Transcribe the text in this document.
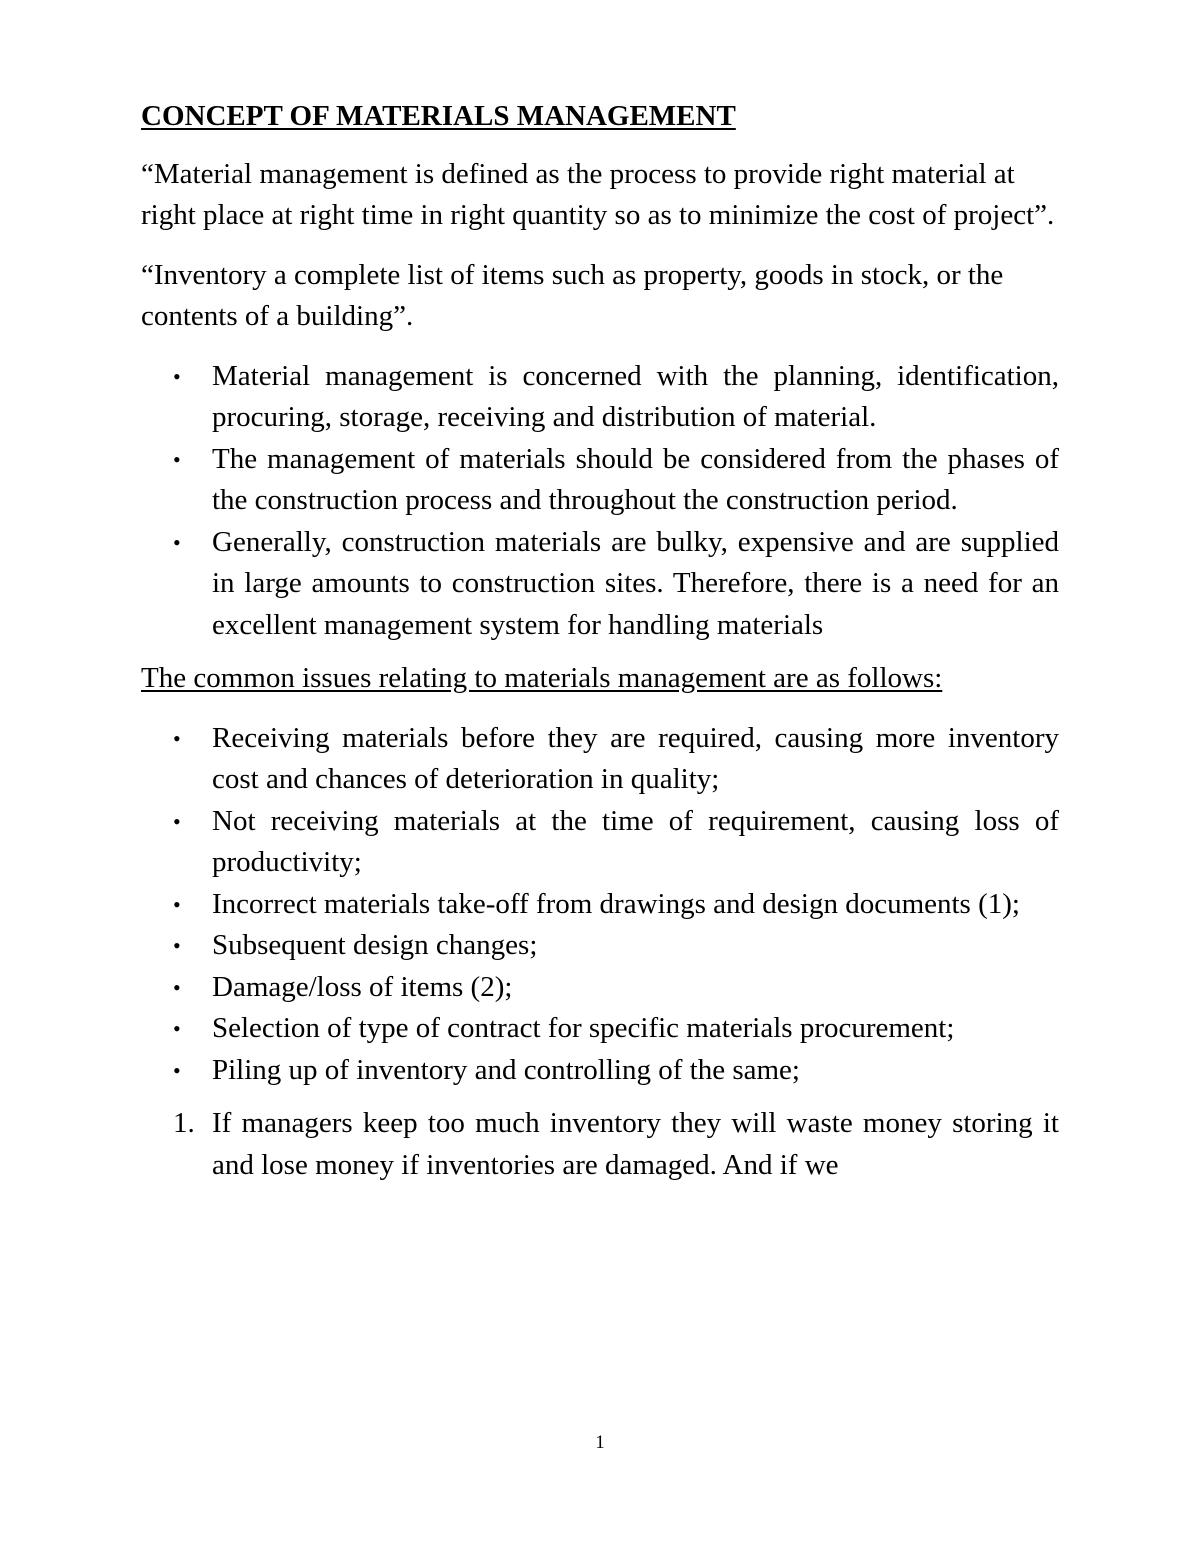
CONCEPT OF MATERIALS MANAGEMENT
“Material management is defined as the process to provide right material at right place at right time in right quantity so as to minimize the cost of project”.
“Inventory a complete list of items such as property, goods in stock, or the contents of a building”.
•	Material management is concerned with the planning, identification, procuring, storage, receiving and distribution of material.
•	The management of materials should be considered from the phases of the construction process and throughout the construction period.
•	Generally, construction materials are bulky, expensive and are supplied in large amounts to construction sites. Therefore, there is a need for an excellent management system for handling materials
The common issues relating to materials management are as follows:
•	Receiving materials before they are required, causing more inventory cost and chances of deterioration in quality;
•	Not receiving materials at the time of requirement, causing loss of productivity;
•	Incorrect materials take-off from drawings and design documents (1);
•	Subsequent design changes;
•	Damage/loss of items (2);
•	Selection of type of contract for specific materials procurement;
•	Piling up of inventory and controlling of the same;
1. If managers keep too much inventory they will waste money storing it and lose money if inventories are damaged. And if we
1
